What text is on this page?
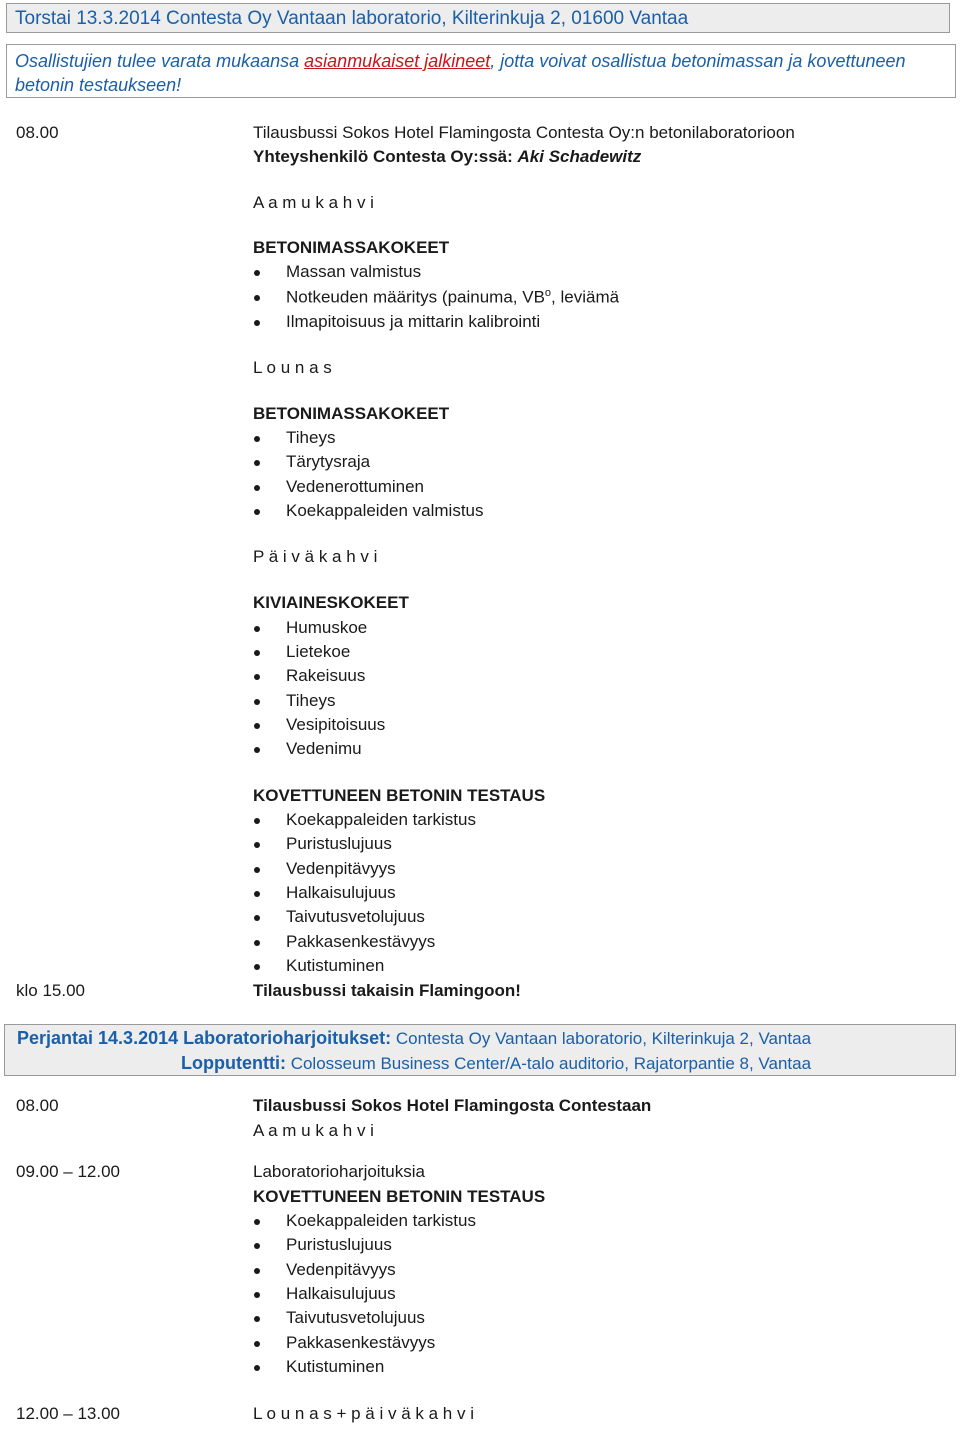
Torstai 13.3.2014 Contesta Oy Vantaan laboratorio, Kilterinkuja 2, 01600 Vantaa
Osallistujien tulee varata mukaansa asianmukaiset jalkineet, jotta voivat osallistua betonimassan ja kovettuneen betonin testaukseen!
08.00	Tilausbussi Sokos Hotel Flamingosta Contesta Oy:n betonilaboratorioon
Yhteyshenkilö Contesta Oy:ssä: Aki Schadewitz
A a m u k a h v i
BETONIMASSAKOKEET
Massan valmistus
Notkeuden määritys (painuma, $VB^o$, leviämä
Ilmapitoisuus ja mittarin kalibrointi
L o u n a s
BETONIMASSAKOKEET
Tiheys
Tärytysraja
Vedenerottuminen
Koekappaleiden valmistus
P ä i v ä k a h v i
KIVIAINESKOKEET
Humuskoe
Lietekoe
Rakeisuus
Tiheys
Vesipitoisuus
Vedenimu
KOVETTUNEEN BETONIN TESTAUS
Koekappaleiden tarkistus
Puristuslujuus
Vedenpitävyys
Halkaisulujuus
Taivutusvetolujuus
Pakkasenkestävyys
Kutistuminen
klo 15.00	Tilausbussi takaisin Flamingoon!
Perjantai 14.3.2014 Laboratorioharjoitukset: Contesta Oy Vantaan laboratorio, Kilterinkuja 2, Vantaa
Lopputentti: Colosseum Business Center/A-talo auditorio, Rajatorpantie 8, Vantaa
08.00	Tilausbussi Sokos Hotel Flamingosta Contestaan
A a m u k a h v i
09.00 – 12.00	Laboratorioharjoituksia
KOVETTUNEEN BETONIN TESTAUS
Koekappaleiden tarkistus
Puristuslujuus
Vedenpitävyys
Halkaisulujuus
Taivutusvetolujuus
Pakkasenkestävyys
Kutistuminen
12.00 – 13.00	L o u n a s + p ä i v ä k a h v i
